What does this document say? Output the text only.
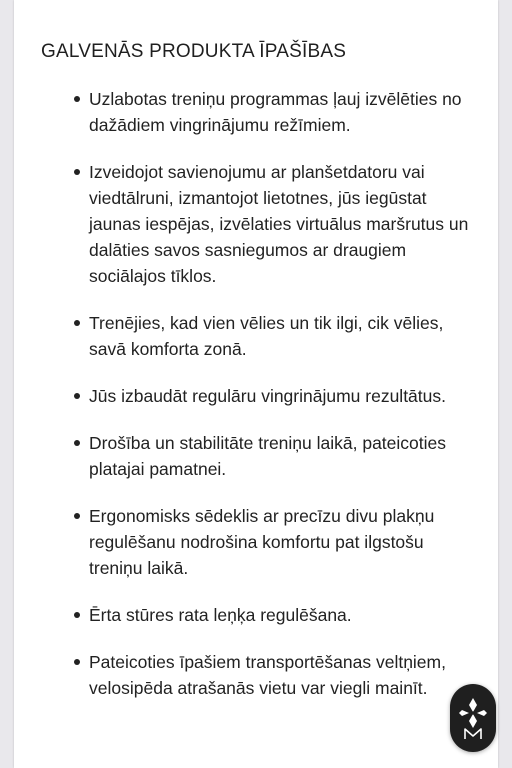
GALVENĀS PRODUKTA ĪPAŠĪBAS
Uzlabotas treniņu programmas ļauj izvēlēties no dažādiem vingrinājumu režīmiem.
Izveidojot savienojumu ar planšetdatoru vai viedtālruni, izmantojot lietotnes, jūs iegūstat jaunas iespējas, izvēlaties virtuālus maršrutus un dalāties savos sasniegumos ar draugiem sociālajos tīklos.
Trenējies, kad vien vēlies un tik ilgi, cik vēlies, savā komforta zonā.
Jūs izbaudāt regulāru vingrinājumu rezultātus.
Drošība un stabilitāte treniņu laikā, pateicoties platajai pamatnei.
Ergonomisks sēdeklis ar precīzu divu plakņu regulēšanu nodrošina komfortu pat ilgstošu treniņu laikā.
Ērta stūres rata leņķa regulēšana.
Pateicoties īpašiem transportēšanas veltņiem, velosipēda atrašanās vietu var viegli mainīt.
